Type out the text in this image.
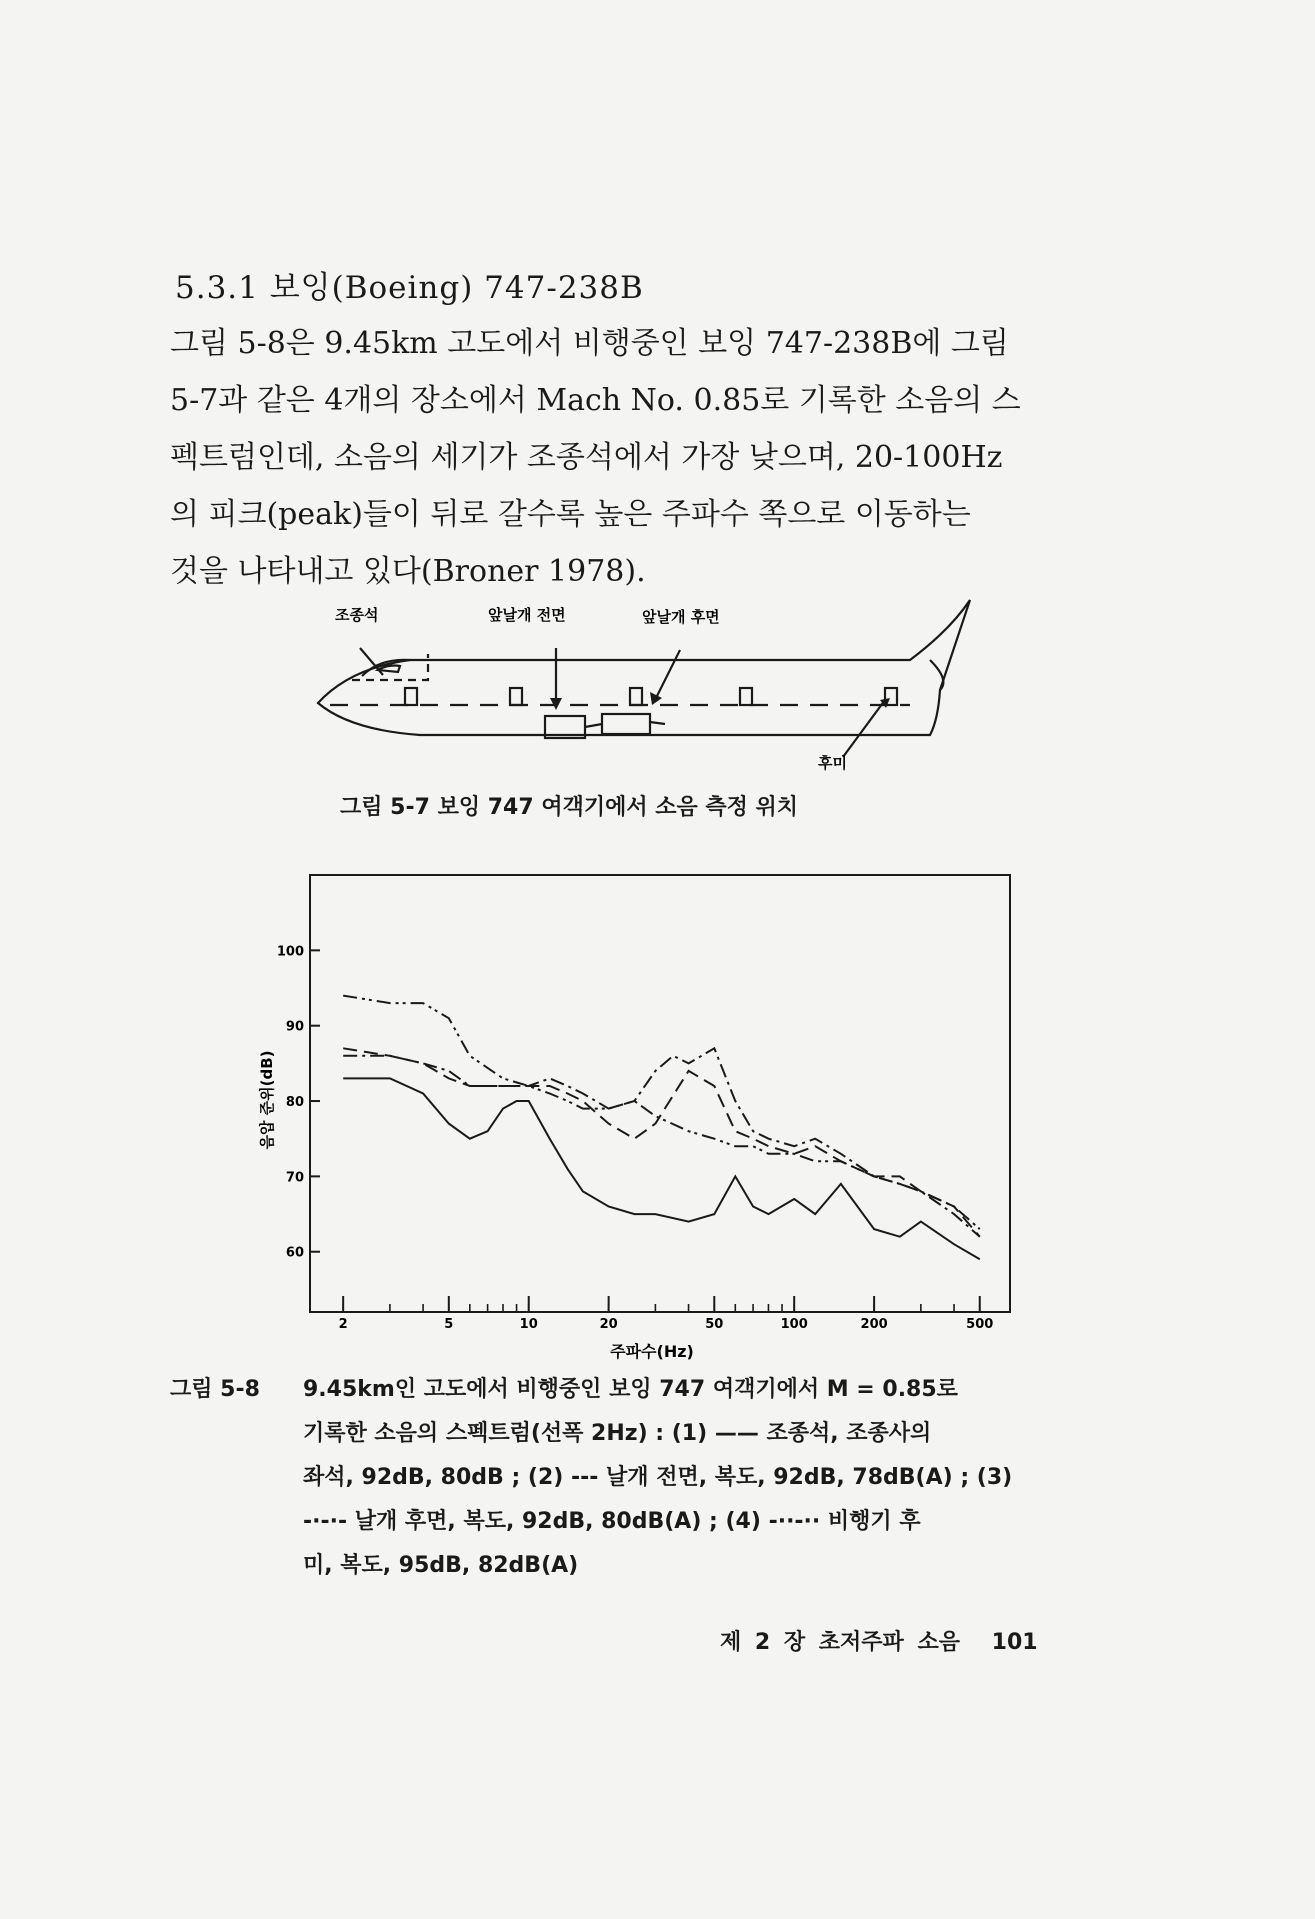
5.3.1 보잉(Boeing) 747-238B
그림 5-8은 9.45km 고도에서 비행중인 보잉 747-238B에 그림
5-7과 같은 4개의 장소에서 Mach No. 0.85로 기록한 소음의 스
펙트럼인데, 소음의 세기가 조종석에서 가장 낮으며, 20-100Hz
의 피크(peak)들이 뒤로 갈수록 높은 주파수 쪽으로 이동하는
것을 나타내고 있다(Broner 1978).
조종석	앞날개 전면	앞날개 후면
후미
그림 5-7 보잉 747 여객기에서 소음 측정 위치
60
70
80
90
100
2	5	10	20	50	100	200	500
음압 준위(dB)
주파수(Hz)
그림 5-8 9.45km인 고도에서 비행중인 보잉 747 여객기에서 M = 0.85로
기록한 소음의 스펙트럼(선폭 2Hz) : (1) —— 조종석, 조종사의
좌석, 92dB, 80dB ; (2) --- 날개 전면, 복도, 92dB, 78dB(A) ; (3)
-·-·- 날개 후면, 복도, 92dB, 80dB(A) ; (4) -··-·· 비행기 후
미, 복도, 95dB, 82dB(A)
제 2 장 초저주파 소음 101
